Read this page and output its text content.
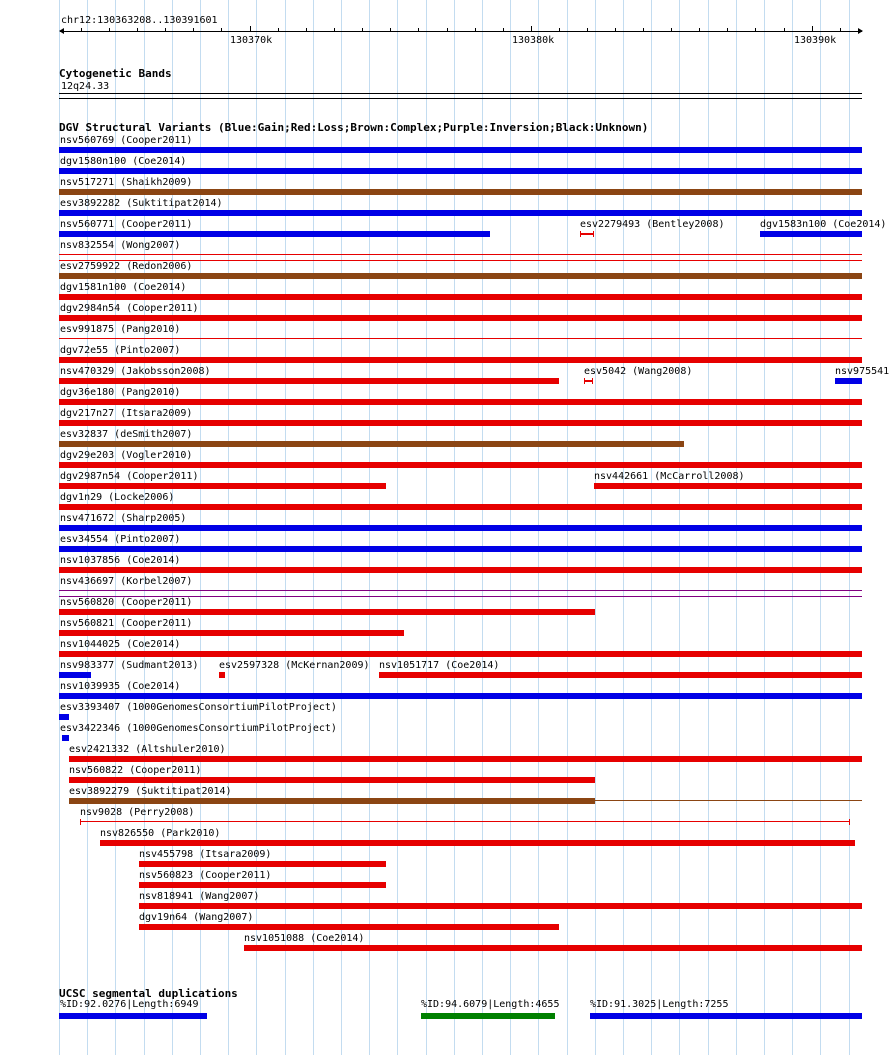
chr12:130363208..130391601
130370k	130380k	130390k
Cytogenetic Bands
12q24.33
DGV Structural Variants (Blue:Gain;Red:Loss;Brown:Complex;Purple:Inversion;Black:Unknown)
nsv560769 (Cooper2011)
dgv1580n100 (Coe2014)
nsv517271 (Shaikh2009)
esv3892282 (Suktitipat2014)
nsv560771 (Cooper2011)	esv2279493 (Bentley2008)	dgv1583n100 (Coe2014)
nsv832554 (Wong2007)
esv2759922 (Redon2006)
dgv1581n100 (Coe2014)
dgv2984n54 (Cooper2011)
esv991875 (Pang2010)
dgv72e55 (Pinto2007)
nsv470329 (Jakobsson2008)	esv5042 (Wang2008)	nsv975541
dgv36e180 (Pang2010)
dgv217n27 (Itsara2009)
esv32837 (deSmith2007)
dgv29e203 (Vogler2010)
dgv2987n54 (Cooper2011)	nsv442661 (McCarroll2008)
dgv1n29 (Locke2006)
nsv471672 (Sharp2005)
esv34554 (Pinto2007)
nsv1037856 (Coe2014)
nsv436697 (Korbel2007)
nsv560820 (Cooper2011)
nsv560821 (Cooper2011)
nsv1044025 (Coe2014)
nsv983377 (Sudmant2013) esv2597328 (McKernan2009) nsv1051717 (Coe2014)
nsv1039935 (Coe2014)
esv3393407 (1000GenomesConsortiumPilotProject)
esv3422346 (1000GenomesConsortiumPilotProject)
esv2421332 (Altshuler2010)
nsv560822 (Cooper2011)
esv3892279 (Suktitipat2014)
nsv9028 (Perry2008)
nsv826550 (Park2010)
nsv455798 (Itsara2009)
nsv560823 (Cooper2011)
nsv818941 (Wang2007)
dgv19n64 (Wang2007)
nsv1051088 (Coe2014)
UCSC segmental duplications
%ID:92.0276|Length:6949	%ID:94.6079|Length:4655	%ID:91.3025|Length:7255
